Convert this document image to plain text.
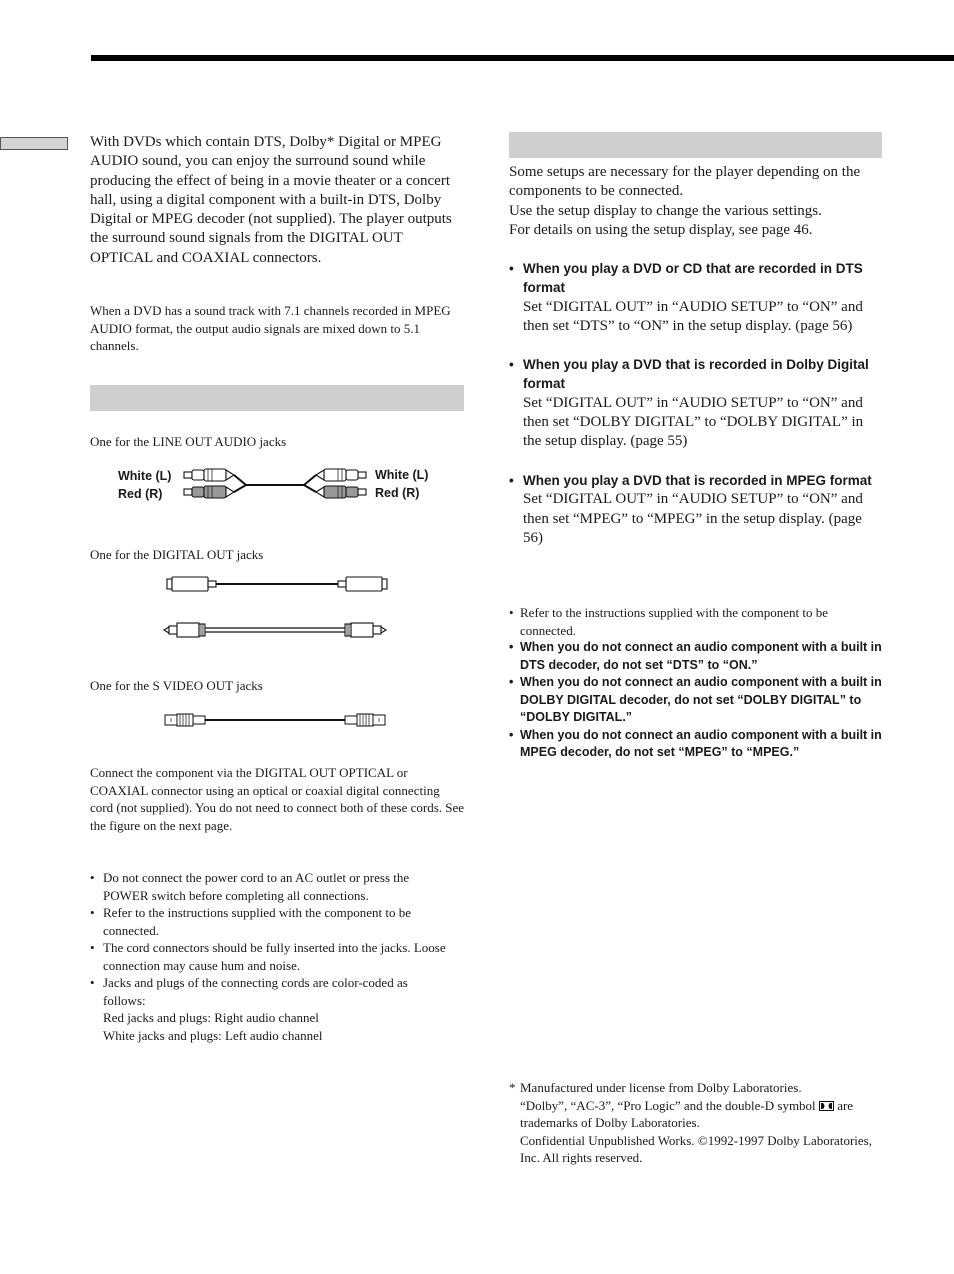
With DVDs which contain DTS, Dolby* Digital or MPEG AUDIO sound, you can enjoy the surround sound while producing the effect of being in a movie theater or a concert hall, using a digital component with a built-in DTS, Dolby Digital or MPEG decoder (not supplied). The player outputs the surround sound signals from the DIGITAL OUT OPTICAL and COAXIAL connectors.

When a DVD has a sound track with 7.1 channels recorded in MPEG AUDIO format, the output audio signals are mixed down to 5.1 channels.

One for the LINE OUT AUDIO jacks

White (L)
Red (R)
White (L)
Red (R)

One for the DIGITAL OUT jacks

One for the S VIDEO OUT jacks

Connect the component via the DIGITAL OUT OPTICAL or COAXIAL connector using an optical or coaxial digital connecting cord (not supplied). You do not need to connect both of these cords. See the figure on the next page.

• Do not connect the power cord to an AC outlet or press the POWER switch before completing all connections.
• Refer to the instructions supplied with the component to be connected.
• The cord connectors should be fully inserted into the jacks. Loose connection may cause hum and noise.
• Jacks and plugs of the connecting cords are color-coded as follows:
Red jacks and plugs: Right audio channel
White jacks and plugs: Left audio channel

Some setups are necessary for the player depending on the components to be connected.

Use the setup display to change the various settings.

For details on using the setup display, see page 46.

• When you play a DVD or CD that are recorded in DTS format

Set “DIGITAL OUT” in “AUDIO SETUP” to “ON” and then set “DTS” to “ON” in the setup display. (page 56)

• When you play a DVD that is recorded in Dolby Digital format

Set “DIGITAL OUT” in “AUDIO SETUP” to “ON” and then set “DOLBY DIGITAL” to “DOLBY DIGITAL” in the setup display. (page 55)

• When you play a DVD that is recorded in MPEG format

Set “DIGITAL OUT” in “AUDIO SETUP” to “ON” and then set “MPEG” to “MPEG” in the setup display. (page 56)

• Refer to the instructions supplied with the component to be connected.
• When you do not connect an audio component with a built in DTS decoder, do not set “DTS” to “ON.”
• When you do not connect an audio component with a built in DOLBY DIGITAL decoder, do not set “DOLBY DIGITAL” to “DOLBY DIGITAL.”
• When you do not connect an audio component with a built in MPEG decoder, do not set “MPEG” to “MPEG.”
* Manufactured under license from Dolby Laboratories.
“Dolby”, “AC-3”, “Pro Logic” and the double-D symbol are trademarks of Dolby Laboratories.
Confidential Unpublished Works. ©1992-1997 Dolby Laboratories, Inc. All rights reserved.
